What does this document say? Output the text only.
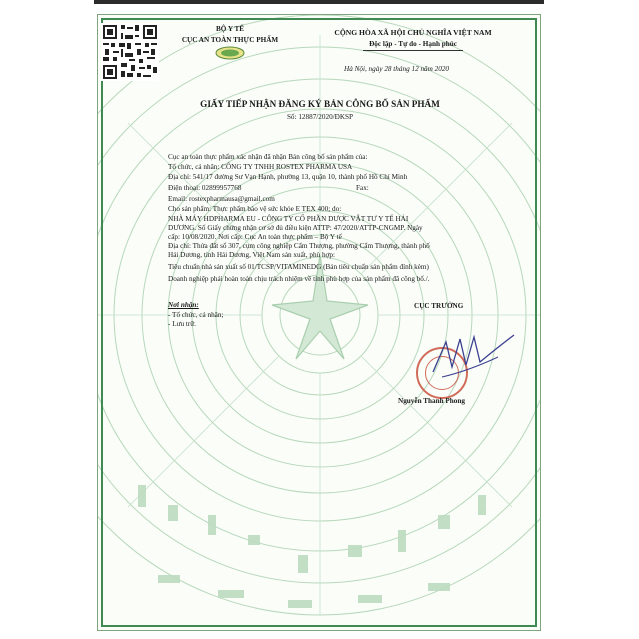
BỘ Y TẾ
CỤC AN TOÀN THỰC PHẨM
CỘNG HÒA XÃ HỘI CHỦ NGHĨA VIỆT NAM
Độc lập - Tự do - Hạnh phúc
Hà Nội, ngày 28 tháng 12 năm 2020
GIẤY TIẾP NHẬN ĐĂNG KÝ BẢN CÔNG BỐ SẢN PHẨM
Số: 12887/2020/ĐKSP
Cục an toàn thực phẩm xác nhận đã nhận Bản công bố sản phẩm của:
Tổ chức, cá nhân: CÔNG TY TNHH ROSTEX PHARMA USA
Địa chỉ: 541/17 đường Sư Vạn Hạnh, phường 13, quận 10, thành phố Hồ Chí Minh
Điện thoại: 02899957768	Fax:
Email: rostexpharmausa@gmail.com
Cho sản phẩm: Thực phẩm bảo vệ sức khỏe E TEX 400; do:
NHÀ MÁY HDPHARMA EU - CÔNG TY CỔ PHẦN DƯỢC VẬT TƯ Y TẾ HẢI
DƯƠNG. Số Giấy chứng nhận cơ sở đủ điều kiện ATTP: 47/2020/ATTP-CNGMP. Ngày
cấp: 10/08/2020. Nơi cấp: Cục An toàn thực phẩm – Bộ Y tế
Địa chỉ: Thửa đất số 307, cụm công nghiệp Cẩm Thượng, phường Cẩm Thượng, thành phố
Hải Dương, tỉnh Hải Dương, Việt Nam sản xuất, phù hợp:
Tiêu chuẩn nhà sản xuất số 01/TCSP/VITAMINEDG (Bản tiêu chuẩn sản phẩm đính kèm)
Doanh nghiệp phải hoàn toàn chịu trách nhiệm về tính phù hợp của sản phẩm đã công bố./.
Nơi nhận:
- Tổ chức, cá nhân;
- Lưu trữ.
CỤC TRƯỞNG
Nguyễn Thanh Phong
